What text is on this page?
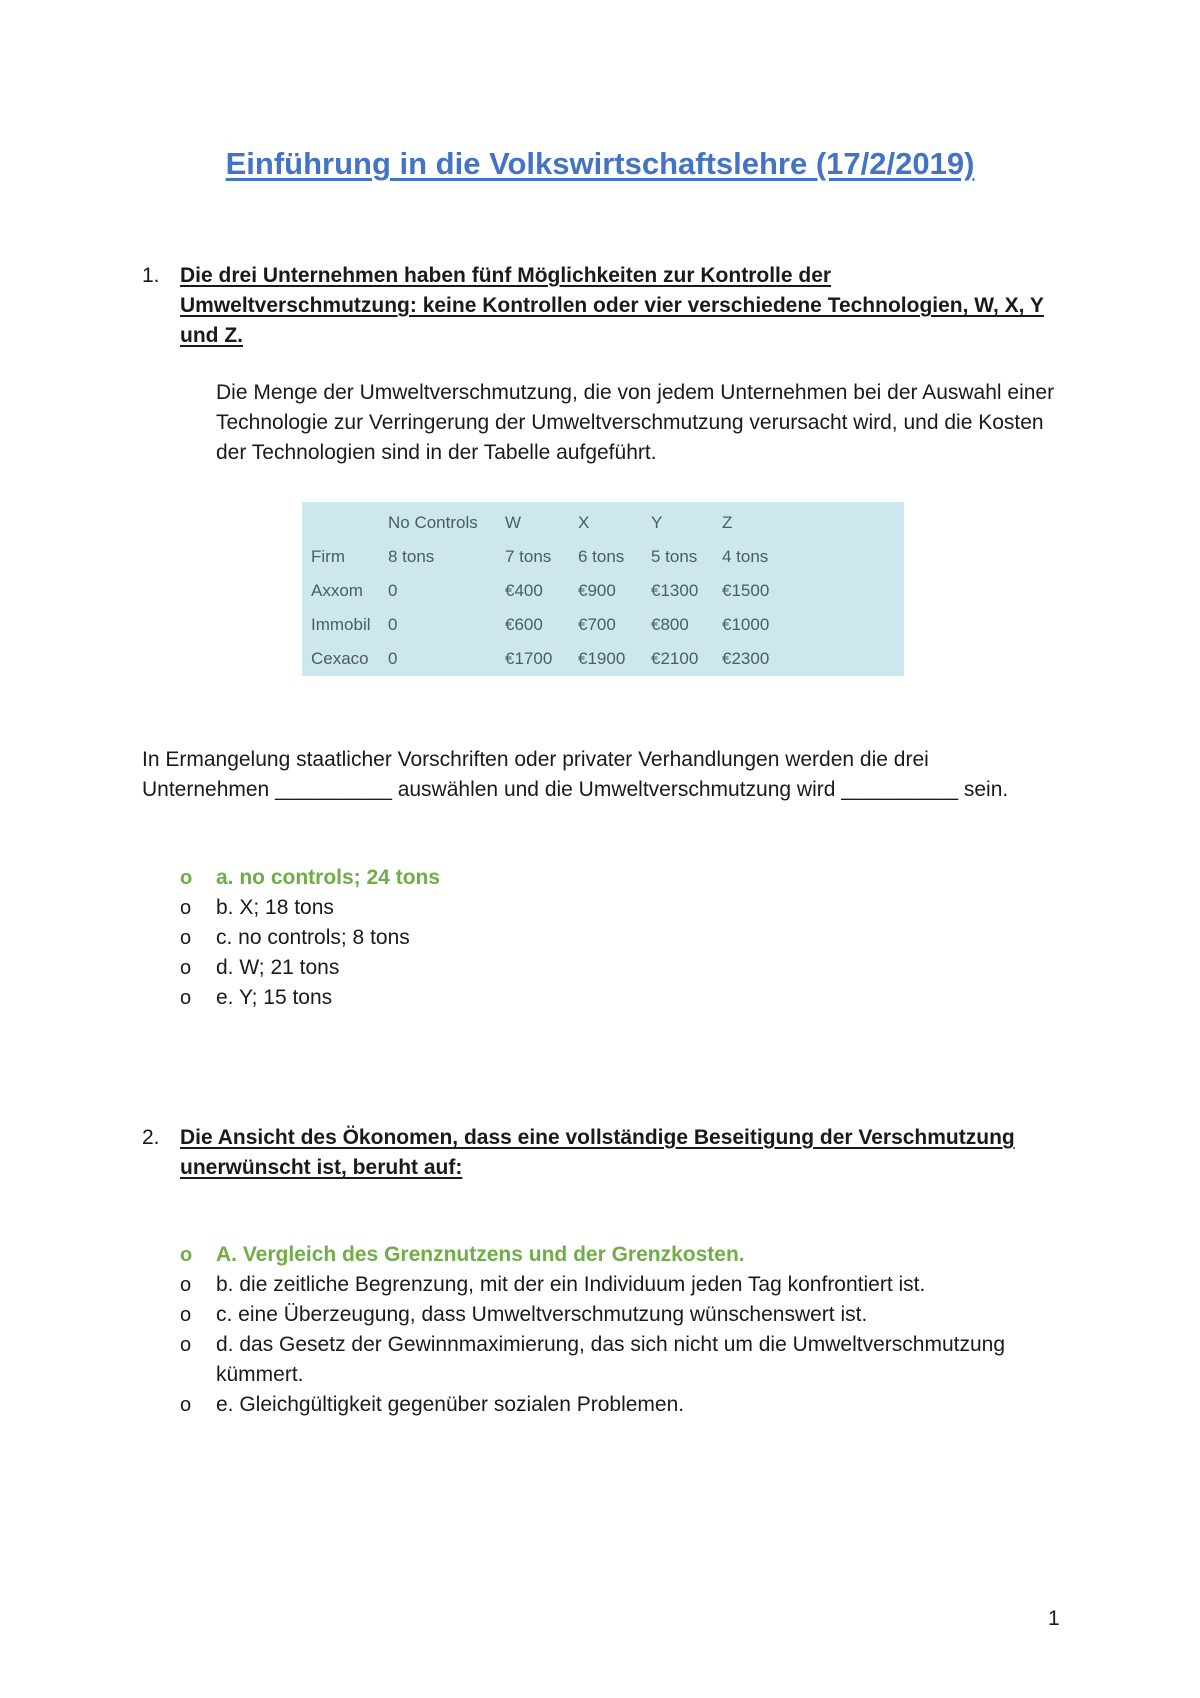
Einführung in die Volkswirtschaftslehre (17/2/2019)
1. Die drei Unternehmen haben fünf Möglichkeiten zur Kontrolle der Umweltverschmutzung: keine Kontrollen oder vier verschiedene Technologien, W, X, Y und Z.

Die Menge der Umweltverschmutzung, die von jedem Unternehmen bei der Auswahl einer Technologie zur Verringerung der Umweltverschmutzung verursacht wird, und die Kosten der Technologien sind in der Tabelle aufgeführt.

	No Controls	W	X	Y	Z
Firm	8 tons	7 tons	6 tons	5 tons	4 tons
Axxom	0	€400	€900	€1300	€1500
Immobil	0	€600	€700	€800	€1000
Cexaco	0	€1700	€1900	€2100	€2300

In Ermangelung staatlicher Vorschriften oder privater Verhandlungen werden die drei Unternehmen __________ auswählen und die Umweltverschmutzung wird __________ sein.

o	a. no controls; 24 tons
o	b. X; 18 tons
o	c. no controls; 8 tons
o	d. W; 21 tons
o	e. Y; 15 tons
2. Die Ansicht des Ökonomen, dass eine vollständige Beseitigung der Verschmutzung unerwünscht ist, beruht auf:
o	A. Vergleich des Grenznutzens und der Grenzkosten.
o	b. die zeitliche Begrenzung, mit der ein Individuum jeden Tag konfrontiert ist.
o	c. eine Überzeugung, dass Umweltverschmutzung wünschenswert ist.
o	d. das Gesetz der Gewinnmaximierung, das sich nicht um die Umweltverschmutzung kümmert.
o	e. Gleichgültigkeit gegenüber sozialen Problemen.
1
